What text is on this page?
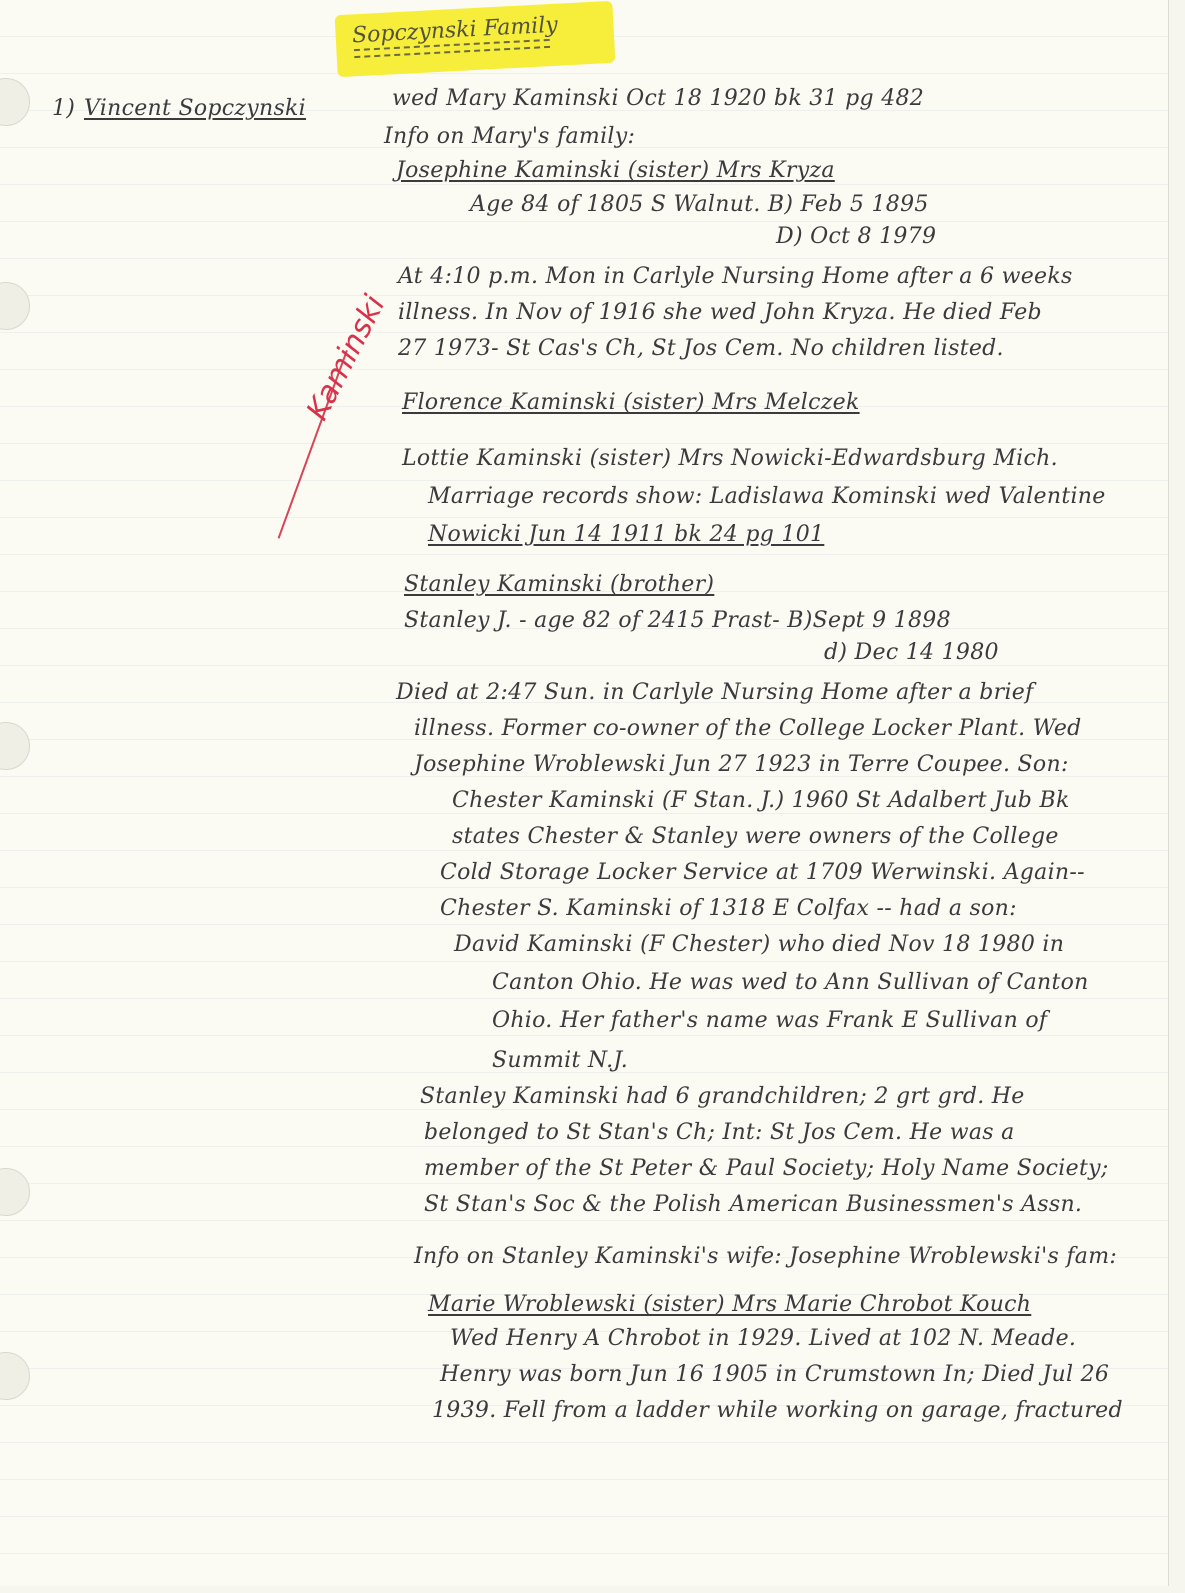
Sopczynski Family
1) Vincent Sopczynski
Kaminski
wed Mary Kaminski Oct 18 1920 bk 31 pg 482
Info on Mary's family:
Josephine Kaminski (sister) Mrs Kryza
Age 84 of 1805 S Walnut. B) Feb 5 1895
D) Oct 8 1979
At 4:10 p.m. Mon in Carlyle Nursing Home after a 6 weeks
illness. In Nov of 1916 she wed John Kryza. He died Feb
27 1973- St Cas's Ch, St Jos Cem. No children listed.
Florence Kaminski (sister) Mrs Melczek
Lottie Kaminski (sister) Mrs Nowicki-Edwardsburg Mich.
Marriage records show: Ladislawa Kominski wed Valentine
Nowicki Jun 14 1911 bk 24 pg 101
Stanley Kaminski (brother)
Stanley J. - age 82 of 2415 Prast- B)Sept 9 1898
d) Dec 14 1980
Died at 2:47 Sun. in Carlyle Nursing Home after a brief
illness. Former co-owner of the College Locker Plant. Wed
Josephine Wroblewski Jun 27 1923 in Terre Coupee. Son:
Chester Kaminski (F Stan. J.) 1960 St Adalbert Jub Bk
states Chester & Stanley were owners of the College
Cold Storage Locker Service at 1709 Werwinski. Again--
Chester S. Kaminski of 1318 E Colfax -- had a son:
David Kaminski (F Chester) who died Nov 18 1980 in
Canton Ohio. He was wed to Ann Sullivan of Canton
Ohio. Her father's name was Frank E Sullivan of
Summit N.J.
Stanley Kaminski had 6 grandchildren; 2 grt grd. He
belonged to St Stan's Ch; Int: St Jos Cem. He was a
member of the St Peter & Paul Society; Holy Name Society;
St Stan's Soc & the Polish American Businessmen's Assn.
Info on Stanley Kaminski's wife: Josephine Wroblewski's fam:
Marie Wroblewski (sister) Mrs Marie Chrobot Kouch
Wed Henry A Chrobot in 1929. Lived at 102 N. Meade.
Henry was born Jun 16 1905 in Crumstown In; Died Jul 26
1939. Fell from a ladder while working on garage, fractured
